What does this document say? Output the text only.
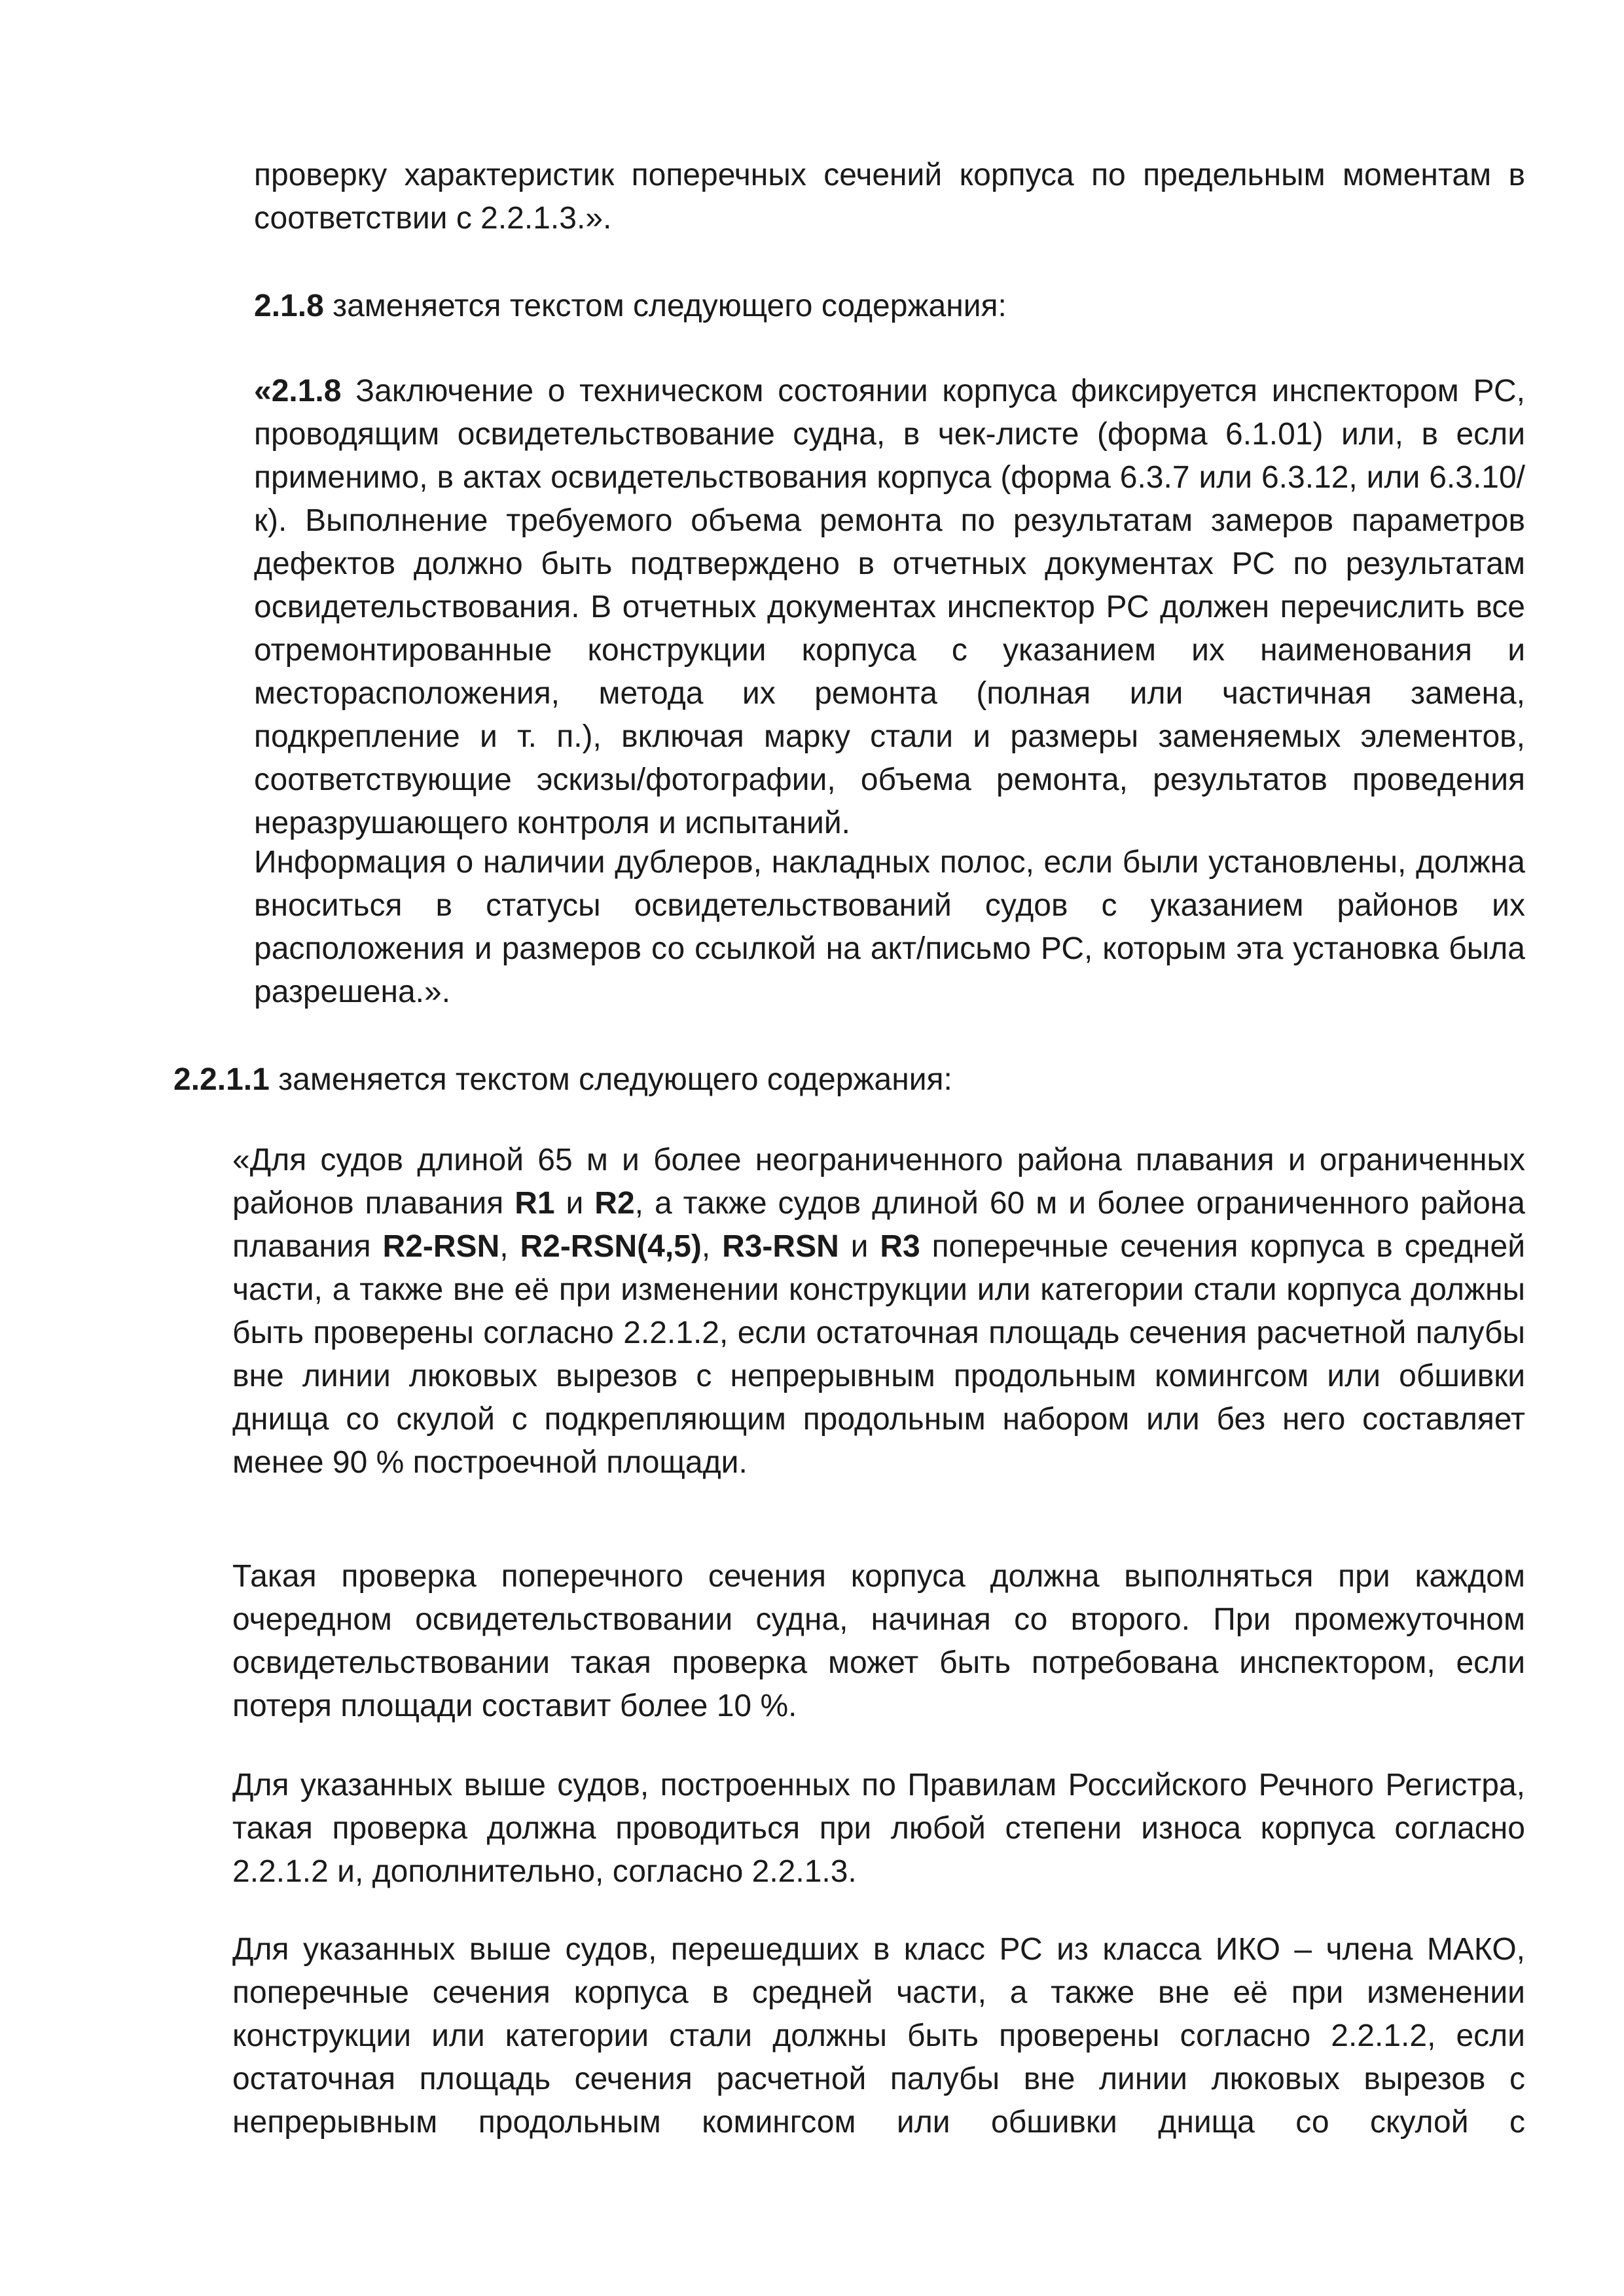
проверку характеристик поперечных сечений корпуса по предельным моментам в соответствии с 2.2.1.3.».

2.1.8 заменяется текстом следующего содержания:

«2.1.8 Заключение о техническом состоянии корпуса фиксируется инспектором РС, проводящим освидетельствование судна, в чек-листе (форма 6.1.01) или, в если применимо, в актах освидетельствования корпуса (форма 6.3.7 или 6.3.12, или 6.3.10/к). Выполнение требуемого объема ремонта по результатам замеров параметров дефектов должно быть подтверждено в отчетных документах РС по результатам освидетельствования. В отчетных документах инспектор РС должен перечислить все отремонтированные конструкции корпуса с указанием их наименования и месторасположения, метода их ремонта (полная или частичная замена, подкрепление и т. п.), включая марку стали и размеры заменяемых элементов, соответствующие эскизы/фотографии, объема ремонта, результатов проведения неразрушающего контроля и испытаний.

Информация о наличии дублеров, накладных полос, если были установлены, должна вноситься в статусы освидетельствований судов с указанием районов их расположения и размеров со ссылкой на акт/письмо РС, которым эта установка была разрешена.».

2.2.1.1 заменяется текстом следующего содержания:

«Для судов длиной 65 м и более неограниченного района плавания и ограниченных районов плавания R1 и R2, а также судов длиной 60 м и более ограниченного района плавания R2-RSN, R2-RSN(4,5), R3-RSN и R3 поперечные сечения корпуса в средней части, а также вне её при изменении конструкции или категории стали корпуса должны быть проверены согласно 2.2.1.2, если остаточная площадь сечения расчетной палубы вне линии люковых вырезов с непрерывным продольным комингсом или обшивки днища со скулой с подкрепляющим продольным набором или без него составляет менее 90 % построечной площади.

Такая проверка поперечного сечения корпуса должна выполняться при каждом очередном освидетельствовании судна, начиная со второго. При промежуточном освидетельствовании такая проверка может быть потребована инспектором, если потеря площади составит более 10 %.

Для указанных выше судов, построенных по Правилам Российского Речного Регистра, такая проверка должна проводиться при любой степени износа корпуса согласно 2.2.1.2 и, дополнительно, согласно 2.2.1.3.

Для указанных выше судов, перешедших в класс РС из класса ИКО – члена МАКО, поперечные сечения корпуса в средней части, а также вне её при изменении конструкции или категории стали должны быть проверены согласно 2.2.1.2, если остаточная площадь сечения расчетной палубы вне линии люковых вырезов с непрерывным продольным комингсом или обшивки днища со скулой с
